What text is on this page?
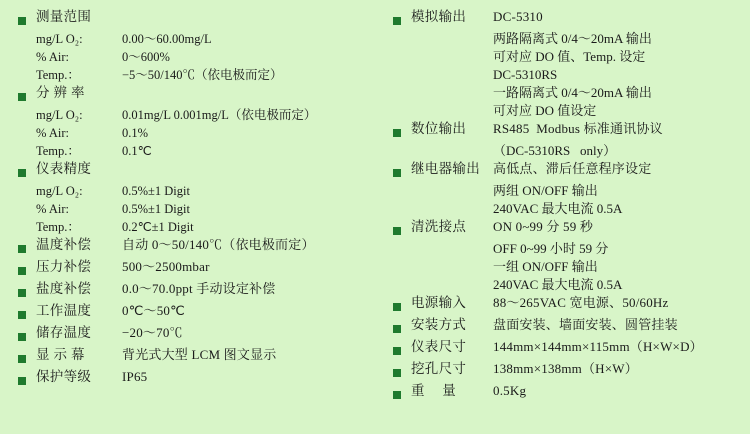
测量范围
mg/L O₂:	0.00～60.00mg/L
% Air:	0～600%
Temp.：	−5～50/140℃（依电极而定）
分 辨 率
mg/L O₂:	0.01mg/L 0.001mg/L（依电极而定）
% Air:	0.1%
Temp.：	0.1℃
仪表精度
mg/L O₂:	0.5%±1 Digit
% Air:	0.5%±1 Digit
Temp.：	0.2℃±1 Digit
温度补偿	自动 0～50/140℃（依电极而定）
压力补偿	500～2500mbar
盐度补偿	0.0～70.0ppt 手动设定补偿
工作温度	0℃～50℃
储存温度	−20～70℃
显 示 幕	背光式大型 LCM 图文显示
保护等级	IP65
模拟输出	DC-5310
两路隔离式 0/4～20mA 输出
可对应 DO 值、Temp. 设定
DC-5310RS
一路隔离式 0/4～20mA 输出
可对应 DO 值设定
数位输出	RS485  Modbus 标准通讯协议
（DC-5310RS   only）
继电器输出	高低点、滞后任意程序设定
两组 ON/OFF 输出
240VAC 最大电流 0.5A
清洗接点	ON 0~99 分 59 秒
OFF 0~99 小时 59 分
一组 ON/OFF 输出
240VAC 最大电流 0.5A
电源输入	88～265VAC 宽电源、50/60Hz
安装方式	盘面安装、墙面安装、圆管挂装
仪表尺寸	144mm×144mm×115mm（H×W×D）
挖孔尺寸	138mm×138mm（H×W）
重　 量	0.5Kg
